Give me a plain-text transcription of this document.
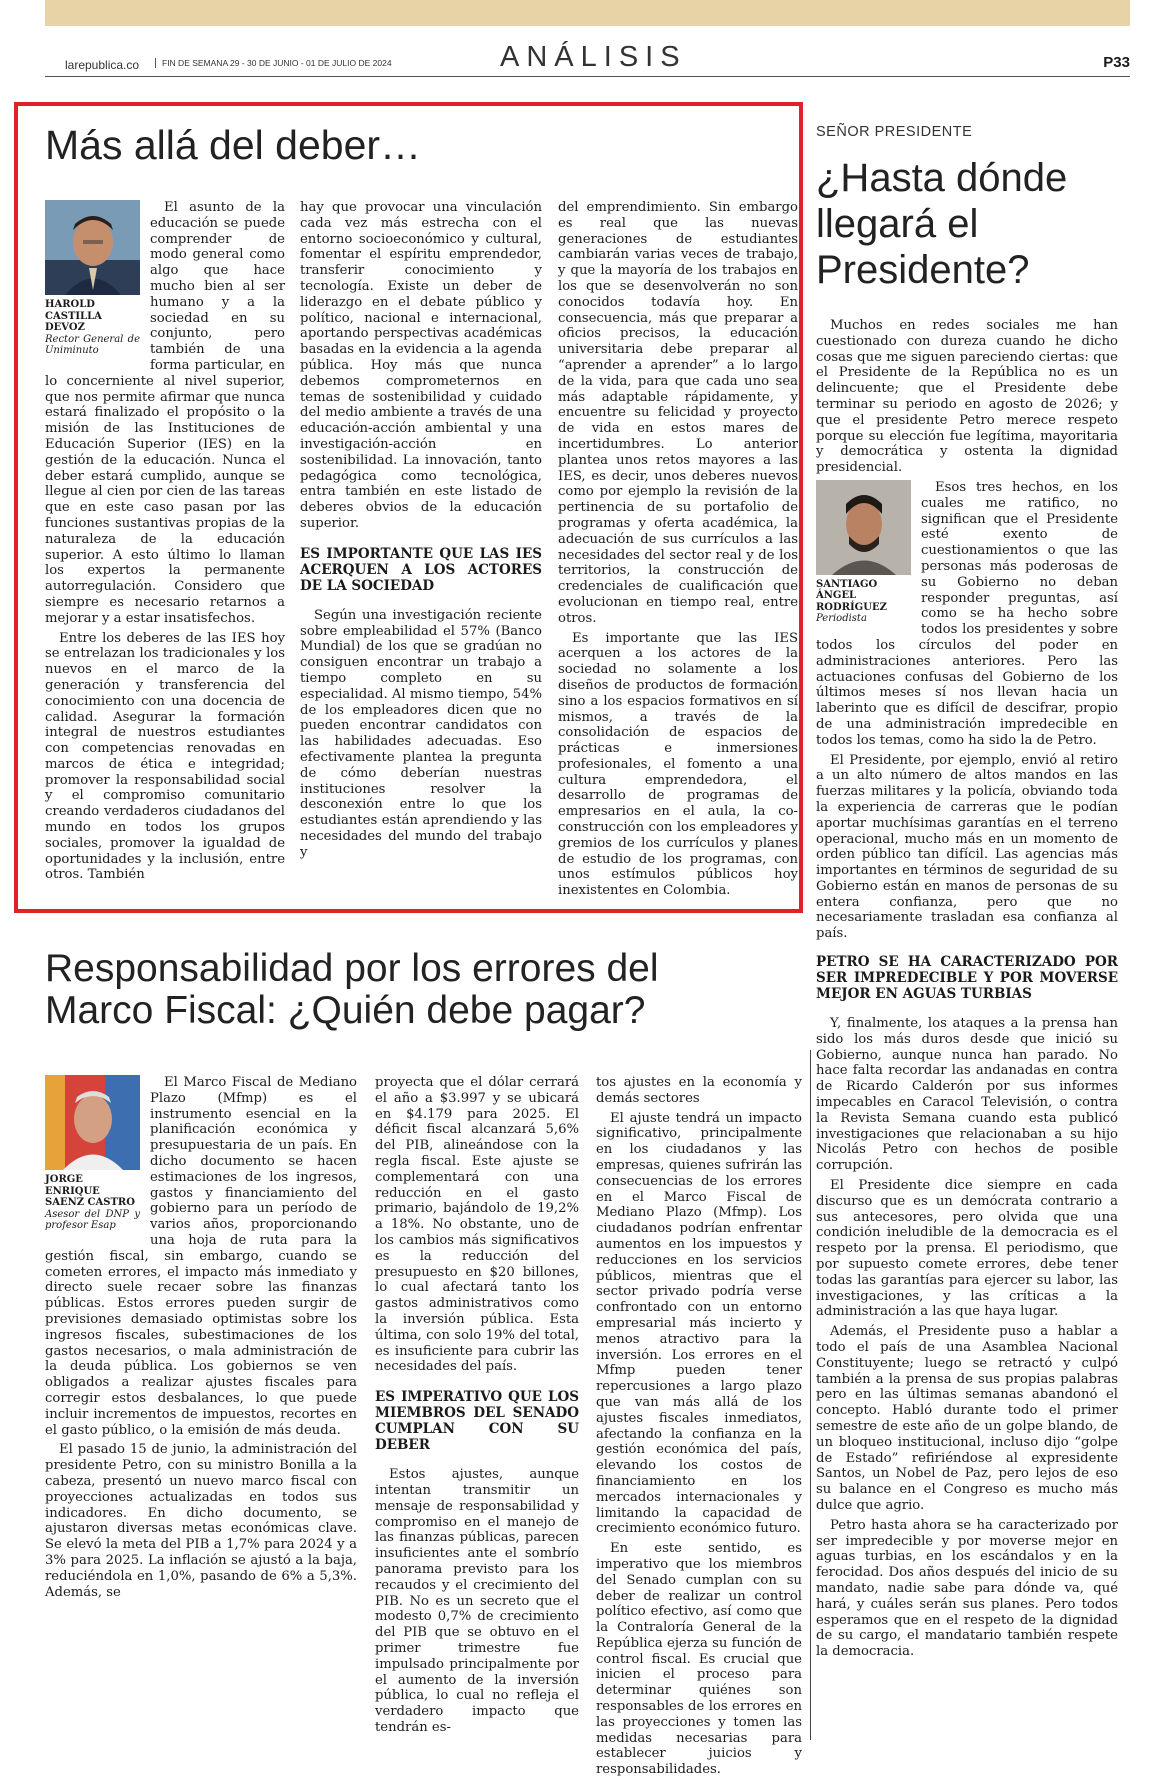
larepublica.co	FIN DE SEMANA 29 - 30 DE JUNIO - 01 DE JULIO DE 2024	ANÁLISIS	P33
Más allá del deber…
HAROLD CASTILLA DEVOZ
Rector General de Uniminuto

El asunto de la educación se puede comprender de modo general como algo que hace mucho bien al ser humano y a la sociedad en su conjunto, pero también de una forma particular, en lo concerniente al nivel superior, que nos permite afirmar que nunca estará finalizado el propósito o la misión de las Instituciones de Educación Superior (IES) en la gestión de la educación. Nunca el deber estará cumplido, aunque se llegue al cien por cien de las tareas que en este caso pasan por las funciones sustantivas propias de la naturaleza de la educación superior. A esto último lo llaman los expertos la permanente autorregulación. Considero que siempre es necesario retarnos a mejorar y a estar insatisfechos.

Entre los deberes de las IES hoy se entrelazan los tradicionales y los nuevos en el marco de la generación y transferencia del conocimiento con una docencia de calidad. Asegurar la formación integral de nuestros estudiantes con competencias renovadas en marcos de ética e integridad; promover la responsabilidad social y el compromiso comunitario creando verdaderos ciudadanos del mundo en todos los grupos sociales, promover la igualdad de oportunidades y la inclusión, entre otros. También

hay que provocar una vinculación cada vez más estrecha con el entorno socioeconómico y cultural, fomentar el espíritu emprendedor, transferir conocimiento y tecnología. Existe un deber de liderazgo en el debate público y político, nacional e internacional, aportando perspectivas académicas basadas en la evidencia a la agenda pública. Hoy más que nunca debemos comprometernos en temas de sostenibilidad y cuidado del medio ambiente a través de una educación-acción ambiental y una investigación-acción en sostenibilidad. La innovación, tanto pedagógica como tecnológica, entra también en este listado de deberes obvios de la educación superior.

ES IMPORTANTE QUE LAS IES ACERQUEN A LOS ACTORES DE LA SOCIEDAD

Según una investigación reciente sobre empleabilidad el 57% (Banco Mundial) de los que se gradúan no consiguen encontrar un trabajo a tiempo completo en su especialidad. Al mismo tiempo, 54% de los empleadores dicen que no pueden encontrar candidatos con las habilidades adecuadas. Eso efectivamente plantea la pregunta de cómo deberían nuestras instituciones resolver la desconexión entre lo que los estudiantes están aprendiendo y las necesidades del mundo del trabajo y

del emprendimiento. Sin embargo es real que las nuevas generaciones de estudiantes cambiarán varias veces de trabajo, y que la mayoría de los trabajos en los que se desenvolverán no son conocidos todavía hoy. En consecuencia, más que preparar a oficios precisos, la educación universitaria debe preparar al “aprender a aprender” a lo largo de la vida, para que cada uno sea más adaptable rápidamente, y encuentre su felicidad y proyecto de vida en estos mares de incertidumbres. Lo anterior plantea unos retos mayores a las IES, es decir, unos deberes nuevos como por ejemplo la revisión de la pertinencia de su portafolio de programas y oferta académica, la adecuación de sus currículos a las necesidades del sector real y de los territorios, la construcción de credenciales de cualificación que evolucionan en tiempo real, entre otros.

Es importante que las IES acerquen a los actores de la sociedad no solamente a los diseños de productos de formación sino a los espacios formativos en sí mismos, a través de la consolidación de espacios de prácticas e inmersiones profesionales, el fomento a una cultura emprendedora, el desarrollo de programas de empresarios en el aula, la co-construcción con los empleadores y gremios de los currículos y planes de estudio de los programas, con unos estímulos públicos hoy inexistentes en Colombia.

Responsabilidad por los errores del
Marco Fiscal: ¿Quién debe pagar?
JORGE ENRIQUE SAENZ CASTRO
Asesor del DNP y profesor Esap

El Marco Fiscal de Mediano Plazo (Mfmp) es el instrumento esencial en la planificación económica y presupuestaria de un país. En dicho documento se hacen estimaciones de los ingresos, gastos y financiamiento del gobierno para un período de varios años, proporcionando una hoja de ruta para la gestión fiscal, sin embargo, cuando se cometen errores, el impacto más inmediato y directo suele recaer sobre las finanzas públicas. Estos errores pueden surgir de previsiones demasiado optimistas sobre los ingresos fiscales, subestimaciones de los gastos necesarios, o mala administración de la deuda pública. Los gobiernos se ven obligados a realizar ajustes fiscales para corregir estos desbalances, lo que puede incluir incrementos de impuestos, recortes en el gasto público, o la emisión de más deuda.

El pasado 15 de junio, la administración del presidente Petro, con su ministro Bonilla a la cabeza, presentó un nuevo marco fiscal con proyecciones actualizadas en todos sus indicadores. En dicho documento, se ajustaron diversas metas económicas clave. Se elevó la meta del PIB a 1,7% para 2024 y a 3% para 2025. La inflación se ajustó a la baja, reduciéndola en 1,0%, pasando de 6% a 5,3%. Además, se

proyecta que el dólar cerrará el año a $3.997 y se ubicará en $4.179 para 2025. El déficit fiscal alcanzará 5,6% del PIB, alineándose con la regla fiscal. Este ajuste se complementará con una reducción en el gasto primario, bajándolo de 19,2% a 18%. No obstante, uno de los cambios más significativos es la reducción del presupuesto en $20 billones, lo cual afectará tanto los gastos administrativos como la inversión pública. Esta última, con solo 19% del total, es insuficiente para cubrir las necesidades del país.

ES IMPERATIVO QUE LOS MIEMBROS DEL SENADO CUMPLAN CON SU DEBER

Estos ajustes, aunque intentan transmitir un mensaje de responsabilidad y compromiso en el manejo de las finanzas públicas, parecen insuficientes ante el sombrío panorama previsto para los recaudos y el crecimiento del PIB. No es un secreto que el modesto 0,7% de crecimiento del PIB que se obtuvo en el primer trimestre fue impulsado principalmente por el aumento de la inversión pública, lo cual no refleja el verdadero impacto que tendrán es-

tos ajustes en la economía y demás sectores

El ajuste tendrá un impacto significativo, principalmente en los ciudadanos y las empresas, quienes sufrirán las consecuencias de los errores en el Marco Fiscal de Mediano Plazo (Mfmp). Los ciudadanos podrían enfrentar aumentos en los impuestos y reducciones en los servicios públicos, mientras que el sector privado podría verse confrontado con un entorno empresarial más incierto y menos atractivo para la inversión. Los errores en el Mfmp pueden tener repercusiones a largo plazo que van más allá de los ajustes fiscales inmediatos, afectando la confianza en la gestión económica del país, elevando los costos de financiamiento en los mercados internacionales y limitando la capacidad de crecimiento económico futuro.

En este sentido, es imperativo que los miembros del Senado cumplan con su deber de realizar un control político efectivo, así como que la Contraloría General de la República ejerza su función de control fiscal. Es crucial que inicien el proceso para determinar quiénes son responsables de los errores en las proyecciones y tomen las medidas necesarias para establecer juicios y responsabilidades.

SEÑOR PRESIDENTE
¿Hasta dónde llegará el Presidente?

Muchos en redes sociales me han cuestionado con dureza cuando he dicho cosas que me siguen pareciendo ciertas: que el Presidente de la República no es un delincuente; que el Presidente debe terminar su periodo en agosto de 2026; y que el presidente Petro merece respeto porque su elección fue legítima, mayoritaria y democrática y ostenta la dignidad presidencial.

SANTIAGO ÁNGEL RODRÍGUEZ
Periodista

Esos tres hechos, en los cuales me ratifico, no significan que el Presidente esté exento de cuestionamientos o que las personas más poderosas de su Gobierno no deban responder preguntas, así como se ha hecho sobre todos los presidentes y sobre todos los círculos del poder en administraciones anteriores. Pero las actuaciones confusas del Gobierno de los últimos meses sí nos llevan hacia un laberinto que es difícil de descifrar, propio de una administración impredecible en todos los temas, como ha sido la de Petro.

El Presidente, por ejemplo, envió al retiro a un alto número de altos mandos en las fuerzas militares y la policía, obviando toda la experiencia de carreras que le podían aportar muchísimas garantías en el terreno operacional, mucho más en un momento de orden público tan difícil. Las agencias más importantes en términos de seguridad de su Gobierno están en manos de personas de su entera confianza, pero que no necesariamente trasladan esa confianza al país.

PETRO SE HA CARACTERIZADO POR SER IMPREDECIBLE Y POR MOVERSE MEJOR EN AGUAS TURBIAS

Y, finalmente, los ataques a la prensa han sido los más duros desde que inició su Gobierno, aunque nunca han parado. No hace falta recordar las andanadas en contra de Ricardo Calderón por sus informes impecables en Caracol Televisión, o contra la Revista Semana cuando esta publicó investigaciones que relacionaban a su hijo Nicolás Petro con hechos de posible corrupción.

El Presidente dice siempre en cada discurso que es un demócrata contrario a sus antecesores, pero olvida que una condición ineludible de la democracia es el respeto por la prensa. El periodismo, que por supuesto comete errores, debe tener todas las garantías para ejercer su labor, las investigaciones, y las críticas a la administración a las que haya lugar.

Además, el Presidente puso a hablar a todo el país de una Asamblea Nacional Constituyente; luego se retractó y culpó también a la prensa de sus propias palabras pero en las últimas semanas abandonó el concepto. Habló durante todo el primer semestre de este año de un golpe blando, de un bloqueo institucional, incluso dijo “golpe de Estado” refiriéndose al expresidente Santos, un Nobel de Paz, pero lejos de eso su balance en el Congreso es mucho más dulce que agrio.

Petro hasta ahora se ha caracterizado por ser impredecible y por moverse mejor en aguas turbias, en los escándalos y en la ferocidad. Dos años después del inicio de su mandato, nadie sabe para dónde va, qué hará, y cuáles serán sus planes. Pero todos esperamos que en el respeto de la dignidad de su cargo, el mandatario también respete la democracia.
